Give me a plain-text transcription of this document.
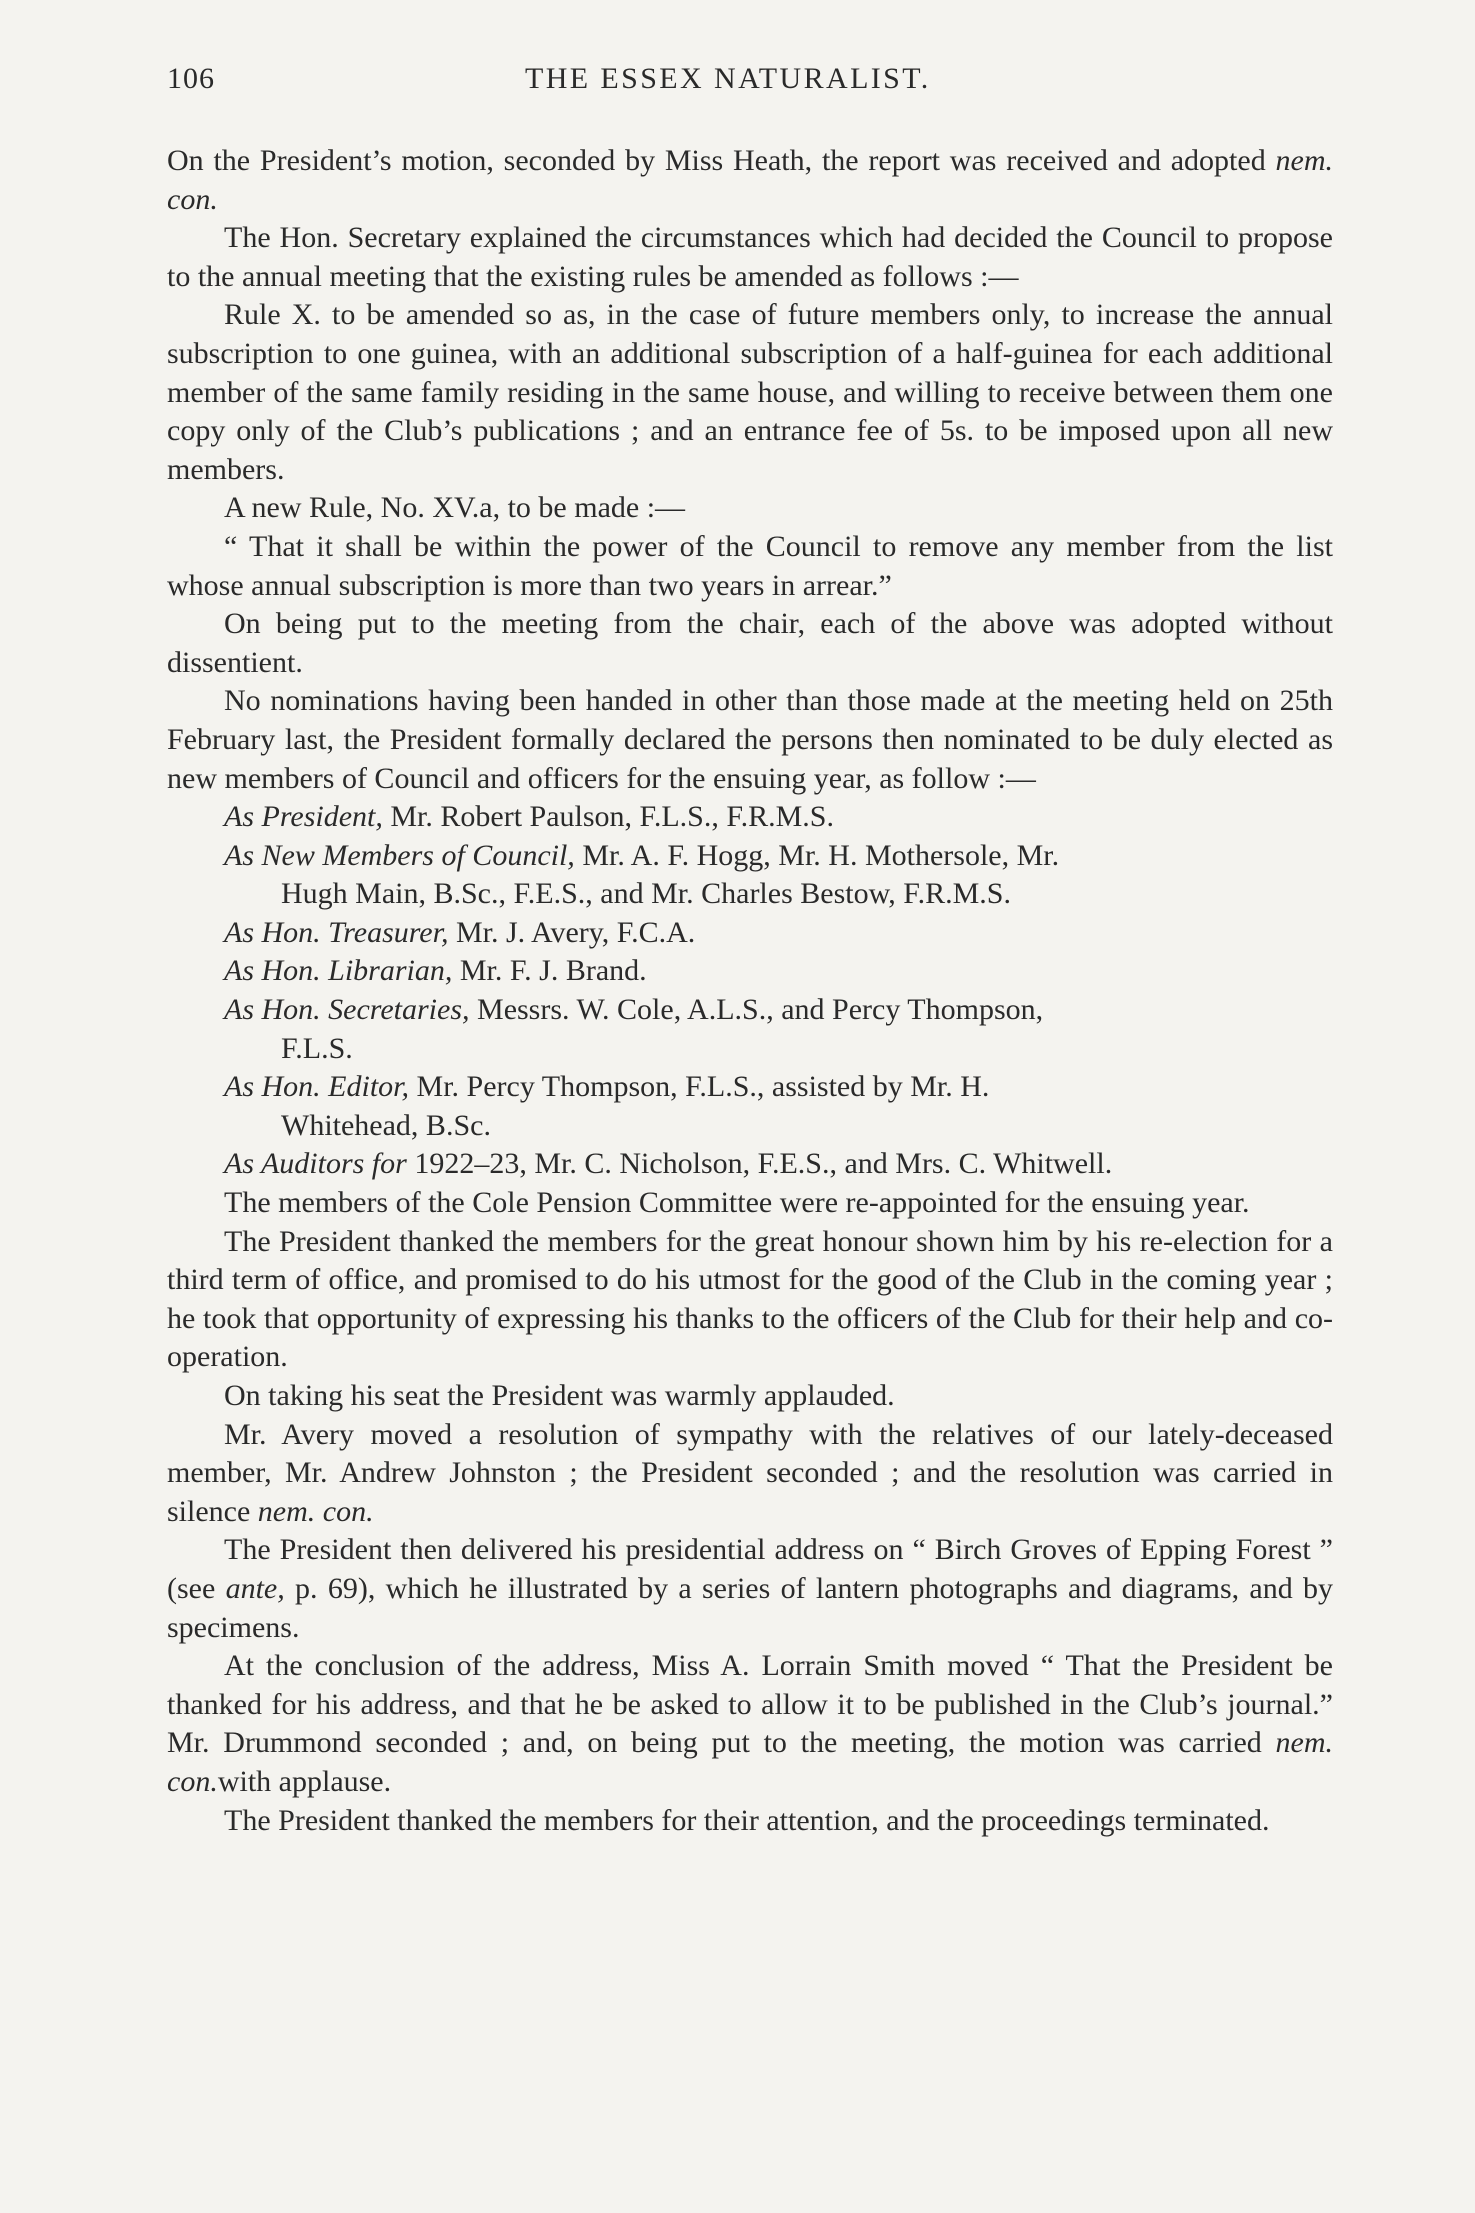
106	THE ESSEX NATURALIST.

On the President’s motion, seconded by Miss Heath, the report was received and adopted nem. con.

The Hon. Secretary explained the circumstances which had decided the Council to propose to the annual meeting that the existing rules be amended as follows :—

Rule X. to be amended so as, in the case of future members only, to increase the annual subscription to one guinea, with an additional subscription of a half-guinea for each additional member of the same family residing in the same house, and willing to receive between them one copy only of the Club’s publications ; and an entrance fee of 5s. to be imposed upon all new members.

A new Rule, No. XV.a, to be made :—

“ That it shall be within the power of the Council to remove any member from the list whose annual subscription is more than two years in arrear.”

On being put to the meeting from the chair, each of the above was adopted without dissentient.

No nominations having been handed in other than those made at the meeting held on 25th February last, the President formally declared the persons then nominated to be duly elected as new members of Council and officers for the ensuing year, as follow :—

As President, Mr. Robert Paulson, F.L.S., F.R.M.S.

As New Members of Council, Mr. A. F. Hogg, Mr. H. Mothersole, Mr.
Hugh Main, B.Sc., F.E.S., and Mr. Charles Bestow, F.R.M.S.

As Hon. Treasurer, Mr. J. Avery, F.C.A.

As Hon. Librarian, Mr. F. J. Brand.

As Hon. Secretaries, Messrs. W. Cole, A.L.S., and Percy Thompson,
F.L.S.

As Hon. Editor, Mr. Percy Thompson, F.L.S., assisted by Mr. H.
Whitehead, B.Sc.

As Auditors for 1922–23, Mr. C. Nicholson, F.E.S., and Mrs. C. Whitwell.

The members of the Cole Pension Committee were re-appointed for the ensuing year.

The President thanked the members for the great honour shown him by his re-election for a third term of office, and promised to do his utmost for the good of the Club in the coming year ; he took that opportunity of expressing his thanks to the officers of the Club for their help and co-operation.

On taking his seat the President was warmly applauded.

Mr. Avery moved a resolution of sympathy with the relatives of our lately-deceased member, Mr. Andrew Johnston ; the President seconded ; and the resolution was carried in silence nem. con.

The President then delivered his presidential address on “ Birch Groves of Epping Forest ” (see ante, p. 69), which he illustrated by a series of lantern photographs and diagrams, and by specimens.

At the conclusion of the address, Miss A. Lorrain Smith moved “ That the President be thanked for his address, and that he be asked to allow it to be published in the Club’s journal.” Mr. Drummond seconded ; and, on being put to the meeting, the motion was carried nem. con.with applause.

The President thanked the members for their attention, and the proceedings terminated.
